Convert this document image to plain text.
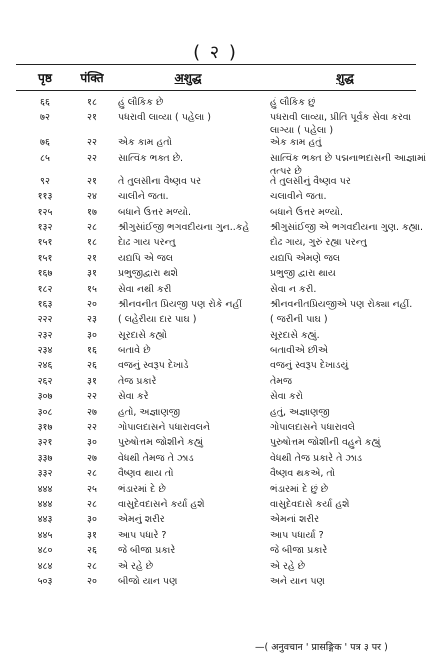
( २ )
पृष्ठ	पंक्ति	अशुद्ध	शुद्ध
६६	१८	હું લૌકિક છે	હું લૌકિક છું
७२	२१	પધરાવી લાવ્યા ( પહેલા )	પધરાવી લાવ્યા, પ્રીતિ પૂર્વક સેવા કરવા લાગ્યા ( પહેલા )
७६	२२	એક કામ હતો	એક કામ હતું
८५	२२	સાત્વિક ભક્ત છે.	સાત્વિક ભક્ત છે પદ્મનાભદાસની આજ્ઞામાં તત્પર છે
९२	२१	તે તુલસીના વૈષ્ણવ પર	તે તુલસીનું વૈષ્ણવ પર
११३	२४	ચાલીને જતા.	ચલાવીને જતા.
१२५	१७	બધાને ઉત્તર મળ્યો.	બધાને ઉત્તર મળ્યો.
१३२	२८	શ્રીગુસાંઈજી ભગવદીયના ગુન..કહે	શ્રીગુસાંઈજી એ ભગવદીયના ગુણ. કહ્યા.
१५१	१८	દેાઢ ગાય પરન્તુ	દોઢ ગાય, ગુરું રહ્યા પરન્તુ
१५१	२१	યદ્યપિ એ જલ	યદ્યપિ એમણે જલ
१६७	३१	પ્રભુજીદ્વારા થશે	પ્રભુજી દ્વારા થાય
१८२	१५	સેવા નથી કરી	સેવા ન કરી.
१६३	२०	શ્રીનવનીત પ્રિયજી પણ રોકે નહીં	શ્રીનવનીતપ્રિયજીએ પણ રોક્યા નહીં.
२२२	२३	( લહેરીયા દાર પાઘ )	( જરીની પાઘ )
२३२	३०	સૂરદાસે કહ્યો	સૂરદાસે કહ્યું.
२३४	१६	બતાવે છે	બતાવીએ છીએ
२४६	२६	વજનું સ્વરૂપ દેખાડે	વજનું સ્વરૂપ દેખાડયું
२६२	३१	તેજ પ્રકારે	તેમજ
३०७	२२	સેવા કરે	સેવા કરો
३०८	२७	હતો, અજ્ઞાણજી	હતું, અજ્ઞાણજી
३१७	२२	ગોપાલદાસને પધારાવલને	ગોપાલદાસને પધારાવલે
३२१	३०	પુરુષોત્તમ જોશીને કહ્યું	પુરુષોત્તમ જોશીની વહુને કહ્યું
३३७	२७	વેધથી તેમજ તે ઝાડ	વેધથી તેજ પ્રકારે તે ઝાડ
३३२	२८	વૈષ્ણવ થાય તો	વૈષ્ણવ થકએ, તો
४४४	२५	ભંડારમાં દે છે	ભંડારમાં દે છું છે
४४४	२८	વાસુદેવદાસને કર્યા હશે	વાસુદેવદાસે કર્યા હશે
४४३	३०	એમનું શરીર	એમનાં શરીર
४४५	३१	આપ પધારે ?	આપ પધાર્યા ?
४८०	२६	જે બીજા પ્રકારે	જે બીજા પ્રકારે
४८४	२८	એ રહે છે	એ રહે છે
५०३	२०	બીજો યાન પણ	અને યાન પણ
—( अनुवचान ' प्रासङ्गिक ' पत्र ३ पर )
